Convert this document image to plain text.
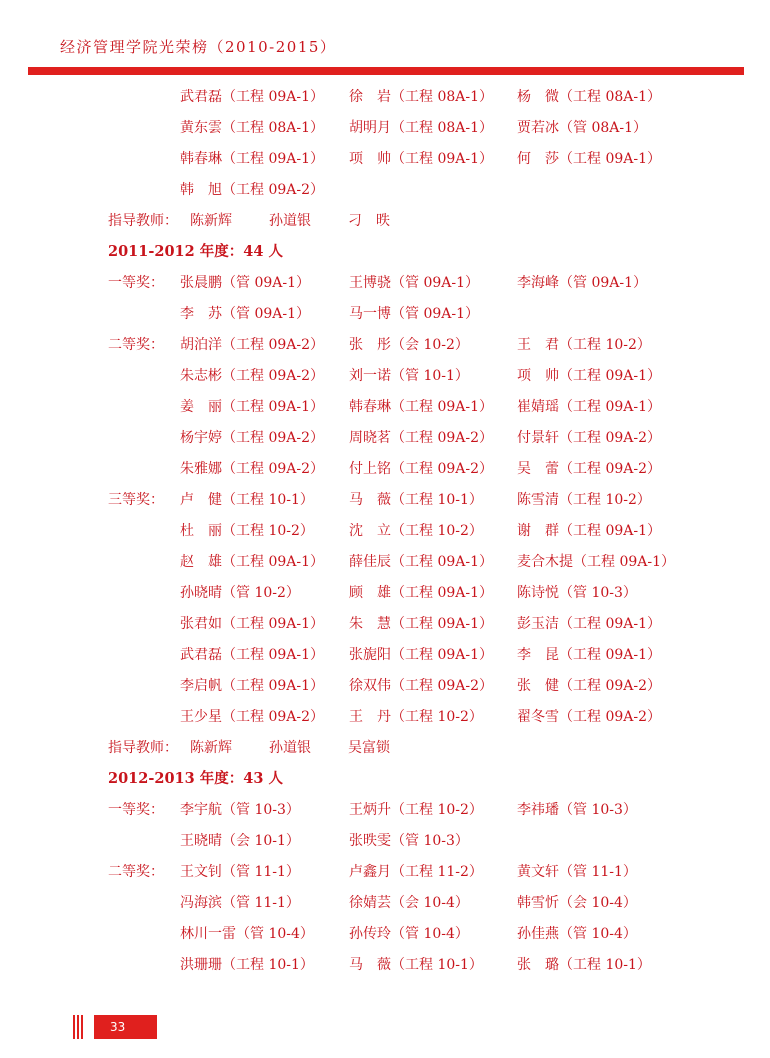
经济管理学院光荣榜（2010-2015）
武君磊（工程 09A-1） 徐　岩（工程 08A-1） 杨　微（工程 08A-1）
黄东雲（工程 08A-1） 胡明月（工程 08A-1） 贾若冰（管 08A-1）
韩春琳（工程 09A-1） 项　帅（工程 09A-1） 何　莎（工程 09A-1）
韩　旭（工程 09A-2）
指导教师： 陈新辉	孙道银	刁　昳
2011-2012 年度：44 人
一等奖：	张晨鹏（管 09A-1）	王博骁（管 09A-1）	李海峰（管 09A-1）
李　苏（管 09A-1）	马一博（管 09A-1）
二等奖：	胡泊洋（工程 09A-2） 张　彤（会 10-2）	王　君（工程 10-2）
朱志彬（工程 09A-2） 刘一诺（管 10-1）	项　帅（工程 09A-1）
姜　丽（工程 09A-1） 韩春琳（工程 09A-1） 崔婧瑶（工程 09A-1）
杨宇婷（工程 09A-2） 周晓茗（工程 09A-2） 付景轩（工程 09A-2）
朱雅娜（工程 09A-2） 付上铭（工程 09A-2） 吴　蕾（工程 09A-2）
三等奖：	卢　健（工程 10-1）	马　薇（工程 10-1） 陈雪清（工程 10-2）
杜　丽（工程 10-2）	沈　立（工程 10-2） 谢　群（工程 09A-1）
赵　雄（工程 09A-1） 薛佳辰（工程 09A-1） 麦合木提（工程 09A-1）
孙晓晴（管 10-2）	顾　雄（工程 09A-1） 陈诗悦（管 10-3）
张君如（工程 09A-1） 朱　慧（工程 09A-1） 彭玉洁（工程 09A-1）
武君磊（工程 09A-1） 张旎阳（工程 09A-1） 李　昆（工程 09A-1）
李启帆（工程 09A-1） 徐双伟（工程 09A-2） 张　健（工程 09A-2）
王少星（工程 09A-2） 王　丹（工程 10-2） 翟冬雪（工程 09A-2）
指导教师： 陈新辉	孙道银	吴富锁
2012-2013 年度：43 人
一等奖：	李宇航（管 10-3）	王炳升（工程 10-2） 李祎璠（管 10-3）
王晓晴（会 10-1）	张昳雯（管 10-3）
二等奖：	王文钊（管 11-1）	卢鑫月（工程 11-2） 黄文轩（管 11-1）
冯海滨（管 11-1）	徐婧芸（会 10-4）	韩雪忻（会 10-4）
林川一雷（管 10-4）	孙传玲（管 10-4）	孙佳燕（管 10-4）
洪珊珊（工程 10-1）	马　薇（工程 10-1） 张　璐（工程 10-1）
33
